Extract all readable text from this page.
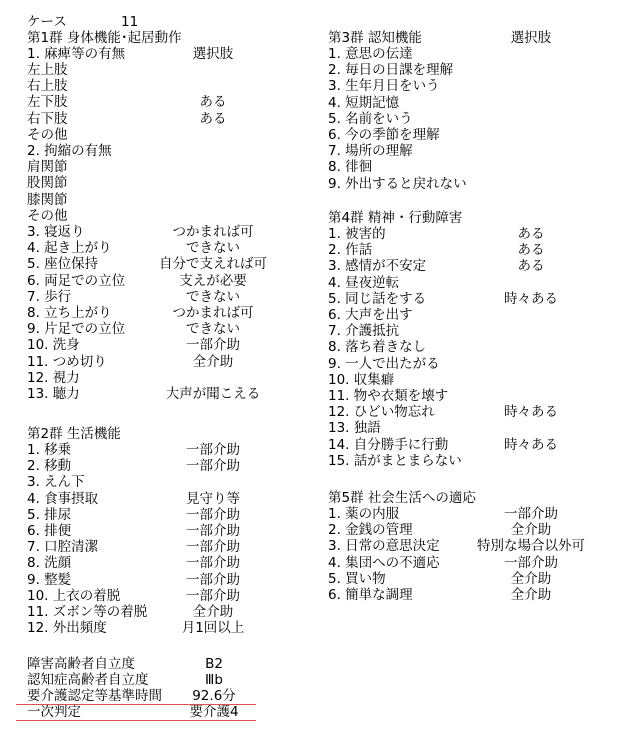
ケース	11
第1群 身体機能･起居動作
1. 麻痺等の有無	選択肢
左上肢
右上肢
左下肢	ある
右下肢	ある
その他
2. 拘縮の有無
肩関節
股関節
膝関節
その他
3. 寝返り	つかまれば可
4. 起き上がり	できない
5. 座位保持	自分で支えれば可
6. 両足での立位	支えが必要
7. 歩行	できない
8. 立ち上がり	つかまれば可
9. 片足での立位	できない
10. 洗身	一部介助
11. つめ切り	全介助
12. 視力
13. 聴力	大声が聞こえる
第2群 生活機能
1. 移乗	一部介助
2. 移動	一部介助
3. えん下
4. 食事摂取	見守り等
5. 排尿	一部介助
6. 排便	一部介助
7. 口腔清潔	一部介助
8. 洗顔	一部介助
9. 整髪	一部介助
10. 上衣の着脱	一部介助
11. ズボン等の着脱	全介助
12. 外出頻度	月1回以上
障害高齢者自立度	B2
認知症高齢者自立度	Ⅲb
要介護認定等基準時間 92.6分
一次判定	要介護4
第3群 認知機能	選択肢
1. 意思の伝達
2. 毎日の日課を理解
3. 生年月日をいう
4. 短期記憶
5. 名前をいう
6. 今の季節を理解
7. 場所の理解
8. 徘徊
9. 外出すると戻れない
第4群 精神・行動障害
1. 被害的	ある
2. 作話	ある
3. 感情が不安定	ある
4. 昼夜逆転
5. 同じ話をする	時々ある
6. 大声を出す
7. 介護抵抗
8. 落ち着きなし
9. 一人で出たがる
10. 収集癖
11. 物や衣類を壊す
12. ひどい物忘れ	時々ある
13. 独語
14. 自分勝手に行動	時々ある
15. 話がまとまらない
第5群 社会生活への適応
1. 薬の内服	一部介助
2. 金銭の管理	全介助
3. 日常の意思決定	特別な場合以外可
4. 集団への不適応	一部介助
5. 買い物	全介助
6. 簡単な調理	全介助
